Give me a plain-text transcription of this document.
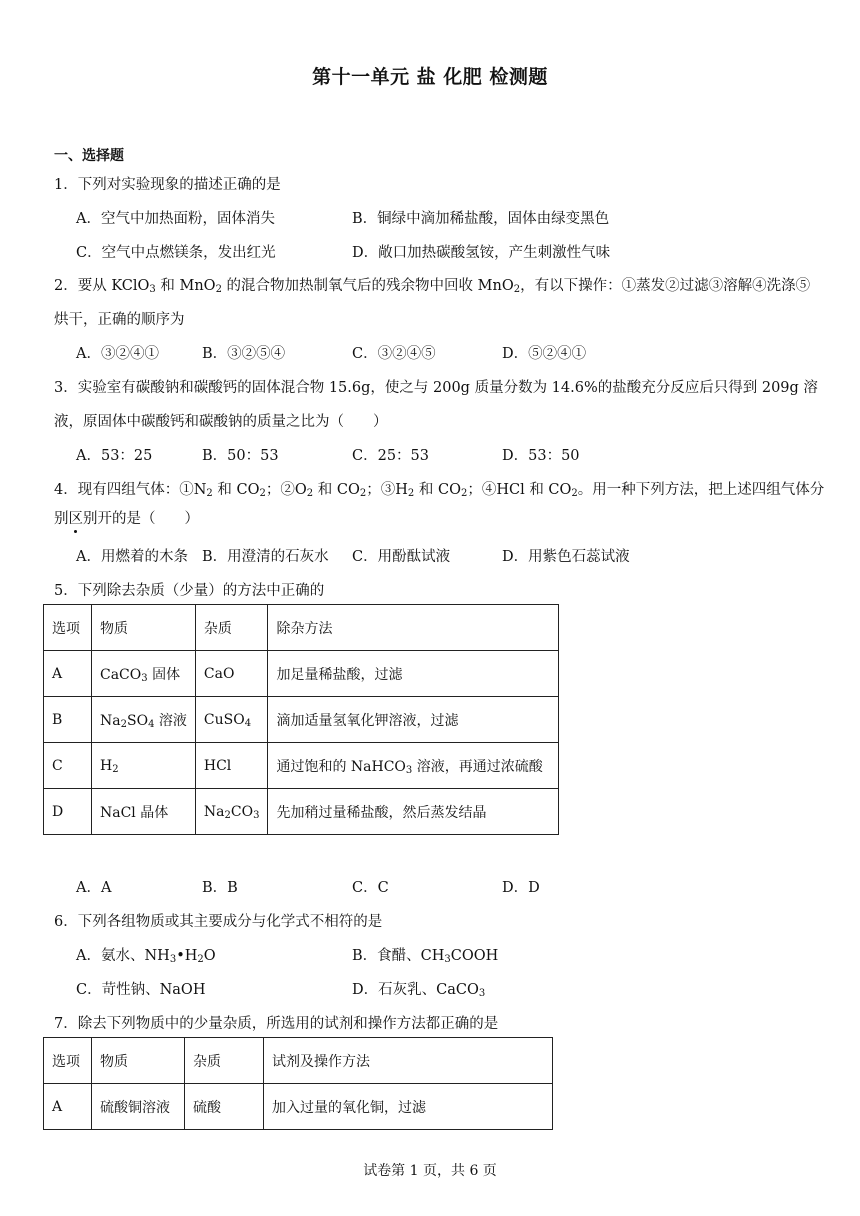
第十一单元 盐 化肥 检测题
一、选择题
1．下列对实验现象的描述正确的是
A．空气中加热面粉，固体消失	B．铜绿中滴加稀盐酸，固体由绿变黑色
C．空气中点燃镁条，发出红光	D．敞口加热碳酸氢铵，产生刺激性气味
2．要从 KClO$_3$ 和 MnO$_2$ 的混合物加热制氧气后的残余物中回收 MnO$_2$，有以下操作：①蒸发②过滤③溶解④洗涤⑤
烘干，正确的顺序为
A．③②④①	B．③②⑤④	C．③②④⑤	D．⑤②④①
3．实验室有碳酸钠和碳酸钙的固体混合物 15.6g，使之与 200g 质量分数为 14.6%的盐酸充分反应后只得到 209g 溶
液，原固体中碳酸钙和碳酸钠的质量之比为（　　）
A．53：25	B．50：53	C．25：53	D．53：50
4．现有四组气体：$①N_2$ 和 $CO_2$；$②O_2$ 和 $CO_2$；$③H_2$ 和 $CO_2$；④HCl 和 $CO_2$。用一种下列方法，把上述四组气体分
别区别开的是（　　）
A．用燃着的木条 B．用澄清的石灰水 C．用酚酞试液	D．用紫色石蕊试液
5．下列除去杂质（少量）的方法中正确的
选项	物质	杂质	除杂方法
A	CaCO$_3$ 固体	CaO	加足量稀盐酸，过滤
B	$Na_2SO_4$ 溶液	CuSO$_4$	滴加适量氢氧化钾溶液，过滤
C	$H_2$	HCl	通过饱和的 NaHCO$_3$ 溶液，再通过浓硫酸
D	NaCl 晶体	$Na_2CO_3$	先加稍过量稀盐酸，然后蒸发结晶
A．A	B．B	C．C	D．D
6．下列各组物质或其主要成分与化学式不相符的是
A．氨水、$NH_3•H_2O$	B．食醋、$CH_3COOH$
C．苛性钠、NaOH	D．石灰乳、CaCO$_3$
7．除去下列物质中的少量杂质，所选用的试剂和操作方法都正确的是
选项	物质	杂质	试剂及操作方法
A	硫酸铜溶液	硫酸	加入过量的氧化铜，过滤
试卷第 1 页，共 6 页
